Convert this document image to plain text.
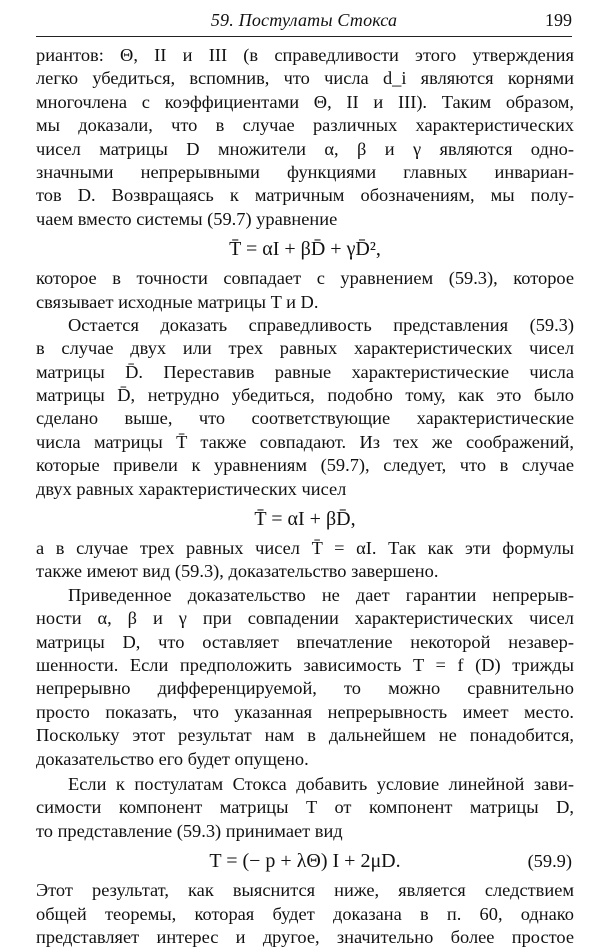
59. Постулаты Стокса	199
риантов: Θ, II и III (в справедливости этого утверждения
легко убедиться, вспомнив, что числа d_i являются корнями
многочлена с коэффициентами Θ, II и III). Таким образом,
мы доказали, что в случае различных характеристических
чисел матрицы D множители α, β и γ являются одно-
значными непрерывными функциями главных инвариан-
тов D. Возвращаясь к матричным обозначениям, мы полу-
чаем вместо системы (59.7) уравнение
T̄ = αI + βD̄ + γD̄²,
которое в точности совпадает с уравнением (59.3), которое
связывает исходные матрицы T и D.
Остается доказать справедливость представления (59.3)
в случае двух или трех равных характеристических чисел
матрицы D̄. Переставив равные характеристические числа
матрицы D̄, нетрудно убедиться, подобно тому, как это было
сделано выше, что соответствующие характеристические
числа матрицы T̄ также совпадают. Из тех же соображений,
которые привели к уравнениям (59.7), следует, что в случае
двух равных характеристических чисел
T̄ = αI + βD̄,
а в случае трех равных чисел T̄ = αI. Так как эти формулы
также имеют вид (59.3), доказательство завершено.
Приведенное доказательство не дает гарантии непрерыв-
ности α, β и γ при совпадении характеристических чисел
матрицы D, что оставляет впечатление некоторой незавер-
шенности. Если предположить зависимость T = f (D) трижды
непрерывно дифференцируемой, то можно сравнительно
просто показать, что указанная непрерывность имеет место.
Поскольку этот результат нам в дальнейшем не понадобится,
доказательство его будет опущено.
Если к постулатам Стокса добавить условие линейной зави-
симости компонент матрицы T от компонент матрицы D,
то представление (59.3) принимает вид
T = (− p + λΘ) I + 2μD.	(59.9)
Этот результат, как выяснится ниже, является следствием
общей теоремы, которая будет доказана в п. 60, однако
представляет интерес и другое, значительно более простое
